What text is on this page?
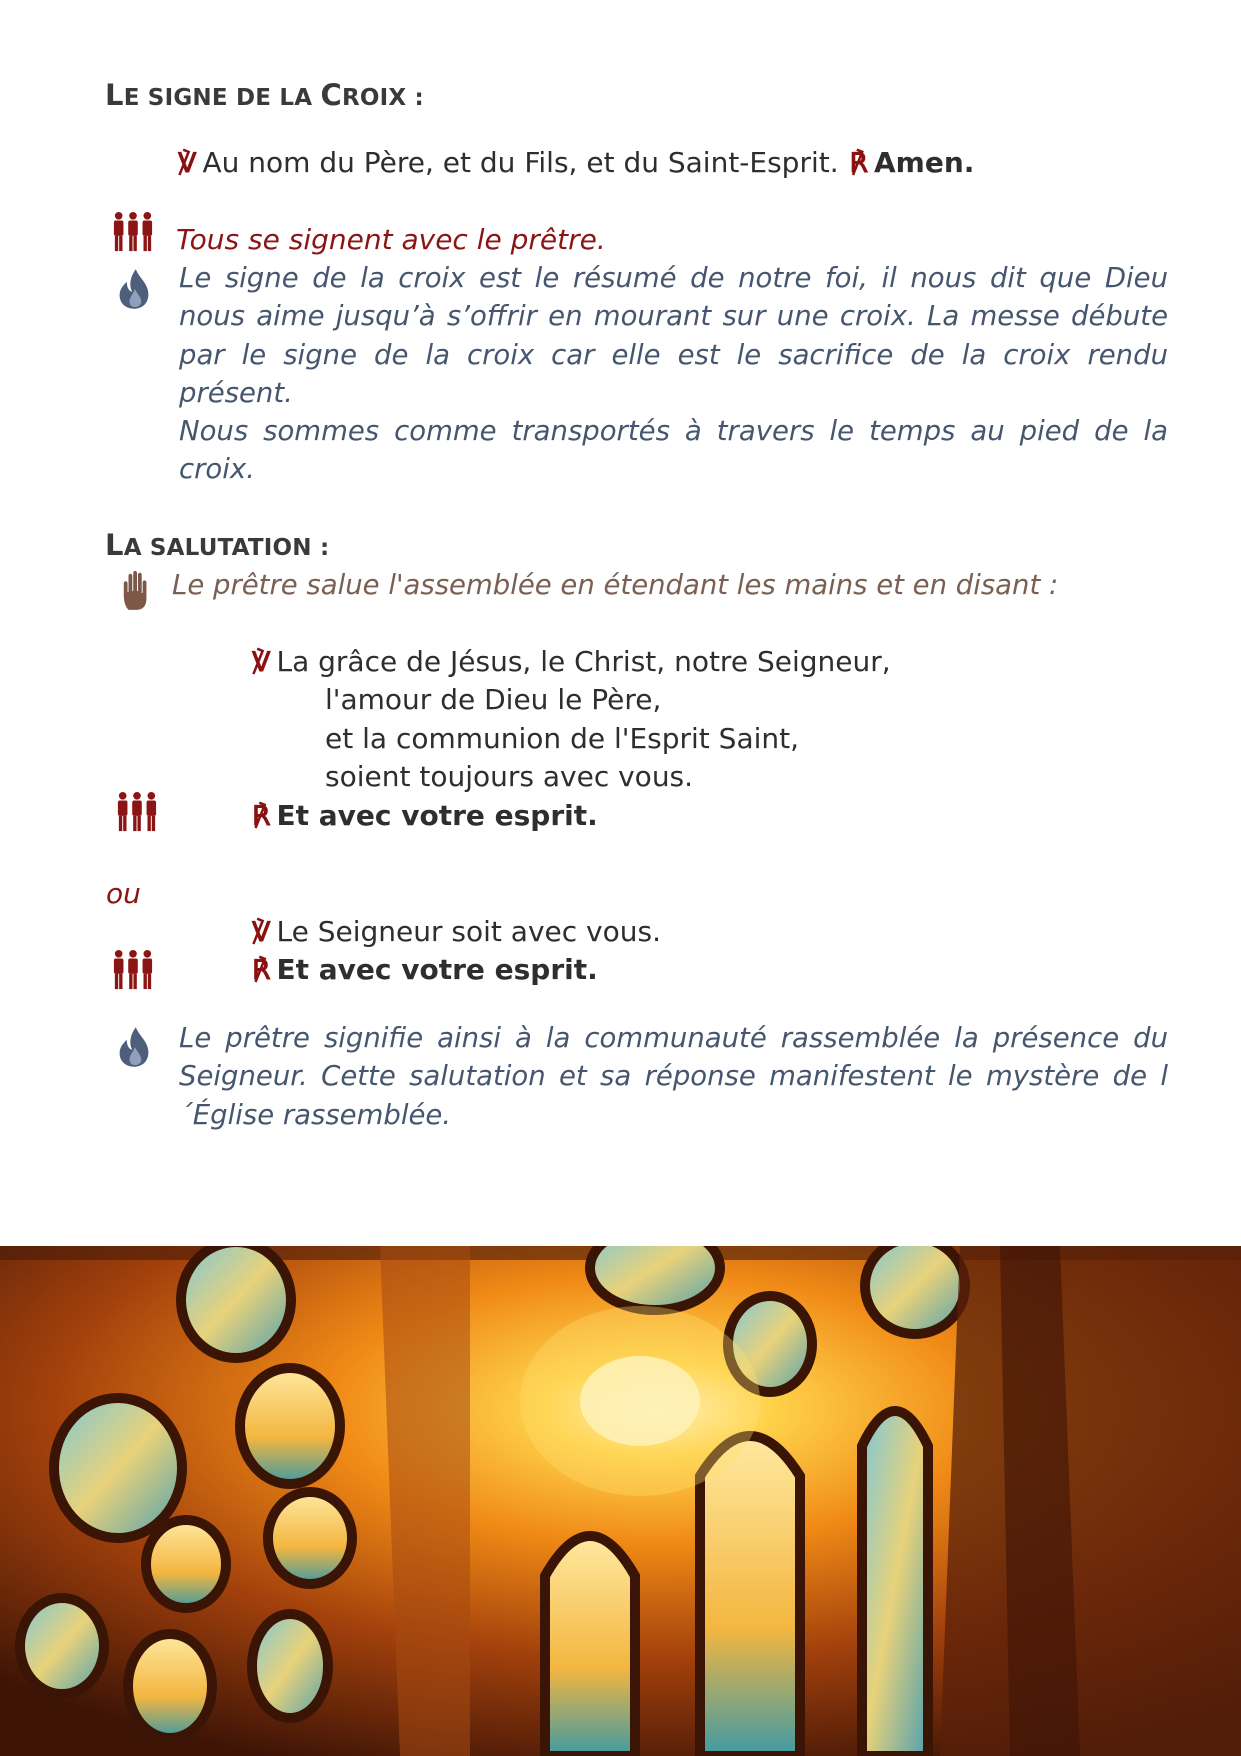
LE SIGNE DE LA CROIX :
℣ Au nom du Père, et du Fils, et du Saint-Esprit. ℟ Amen.
Tous se signent avec le prêtre.

Le signe de la croix est le résumé de notre foi, il nous dit que Dieu nous aime jusqu’à s’offrir en mourant sur une croix. La messe débute par le signe de la croix car elle est le sacrifice de la croix rendu présent.

Nous sommes comme transportés à travers le temps au pied de la croix.

LA SALUTATION :
Le prêtre salue l'assemblée en étendant les mains et en disant :
℣ La grâce de Jésus, le Christ, notre Seigneur,
l'amour de Dieu le Père,
et la communion de l'Esprit Saint,
soient toujours avec vous.
℟ Et avec votre esprit.
ou
℣ Le Seigneur soit avec vous.
℟ Et avec votre esprit.
Le prêtre signifie ainsi à la communauté rassemblée la présence du Seigneur. Cette salutation et sa réponse manifestent le mystère de l´Église rassemblée.
